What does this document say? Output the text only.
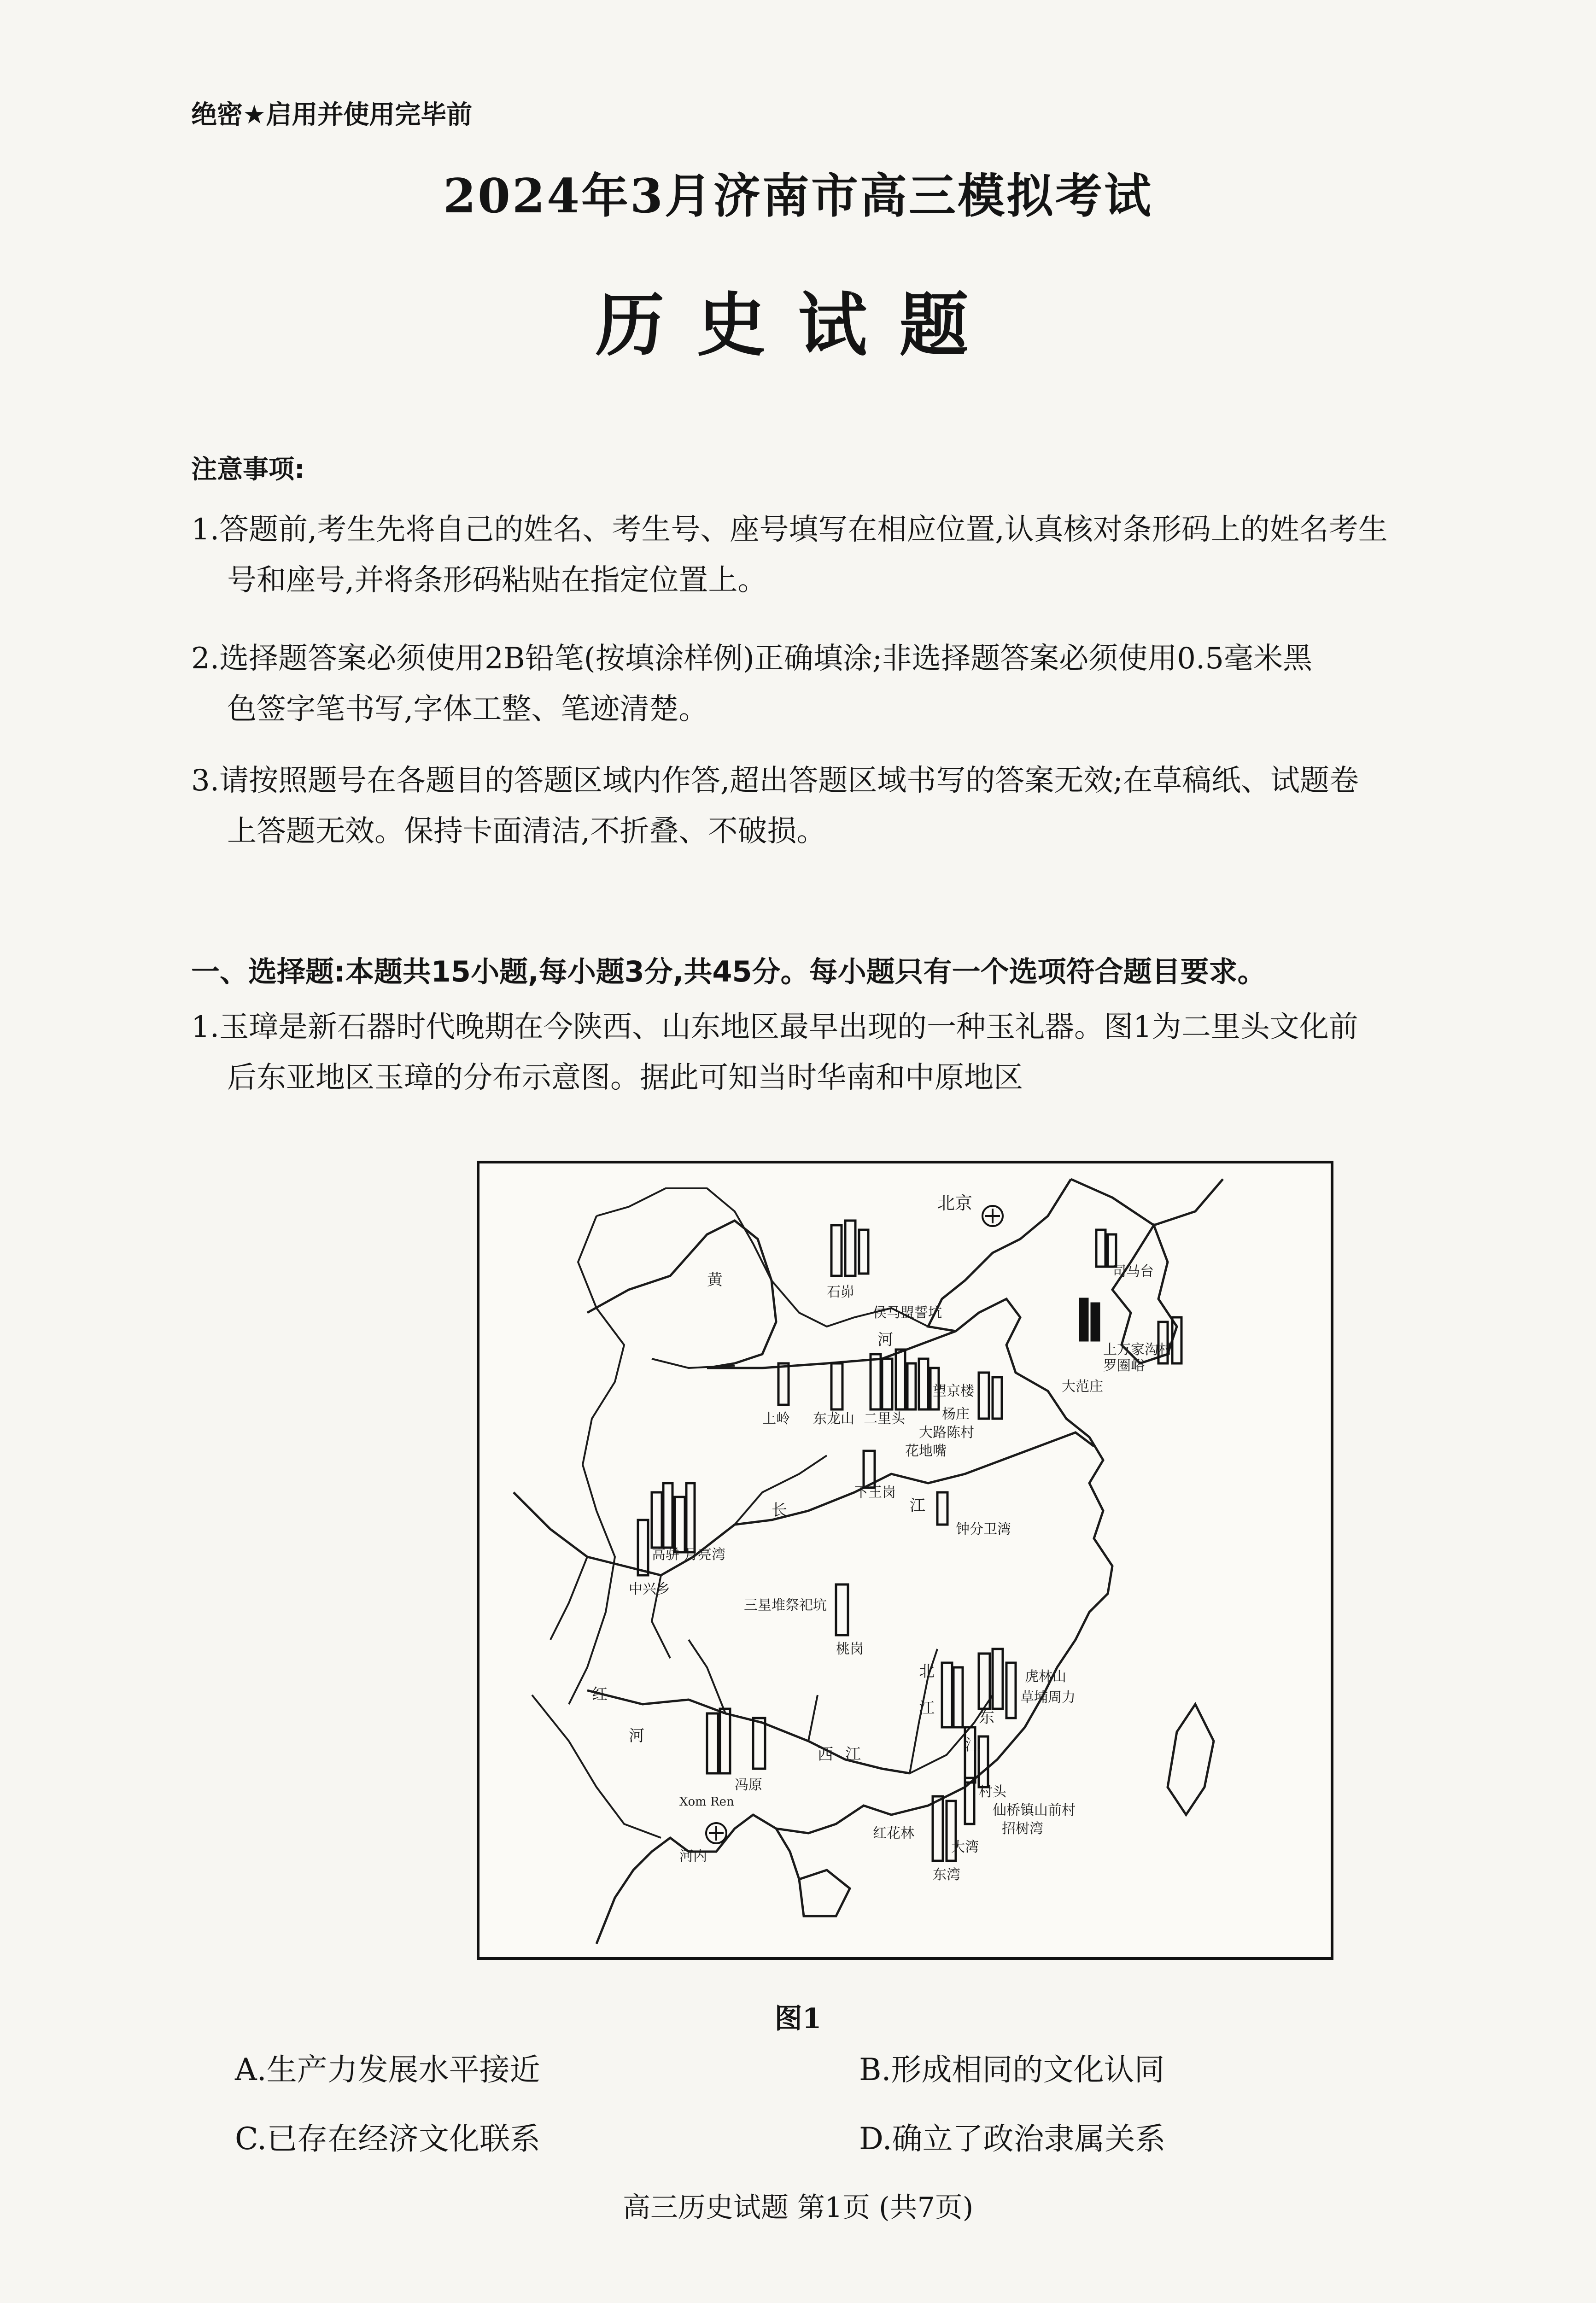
绝密★启用并使用完毕前
2024年3月济南市高三模拟考试
历史试题
注意事项:
1.答题前,考生先将自己的姓名、考生号、座号填写在相应位置,认真核对条形码上的姓名考生
号和座号,并将条形码粘贴在指定位置上。
2.选择题答案必须使用2B铅笔(按填涂样例)正确填涂;非选择题答案必须使用0.5毫米黑
色签字笔书写,字体工整、笔迹清楚。
3.请按照题号在各题目的答题区域内作答,超出答题区域书写的答案无效;在草稿纸、试题卷
上答题无效。保持卡面清洁,不折叠、不破损。
一、选择题:本题共15小题,每小题3分,共45分。每小题只有一个选项符合题目要求。
1.玉璋是新石器时代晚期在今陕西、山东地区最早出现的一种玉礼器。图1为二里头文化前
后东亚地区玉璋的分布示意图。据此可知当时华南和中原地区
北京
石峁
黄
河
侯马盟誓坑
司马台
上万家沟村
罗圈峪
大范庄
上岭 东龙山 二里头
望京楼
杨庄
大路陈村
花地嘴
下王岗
钟分卫湾
高骈 月亮湾
长	江
中兴乡
三星堆祭祀坑
桃岗
红
河
西 江
北
江	东
江
虎林山
草埔周力
冯原
Xom Ren
河内
红花林
村头
仙桥镇山前村
招树湾
大湾
东湾
图1
A.生产力发展水平接近	B.形成相同的文化认同
C.已存在经济文化联系	D.确立了政治隶属关系
高三历史试题 第1页 (共7页)
